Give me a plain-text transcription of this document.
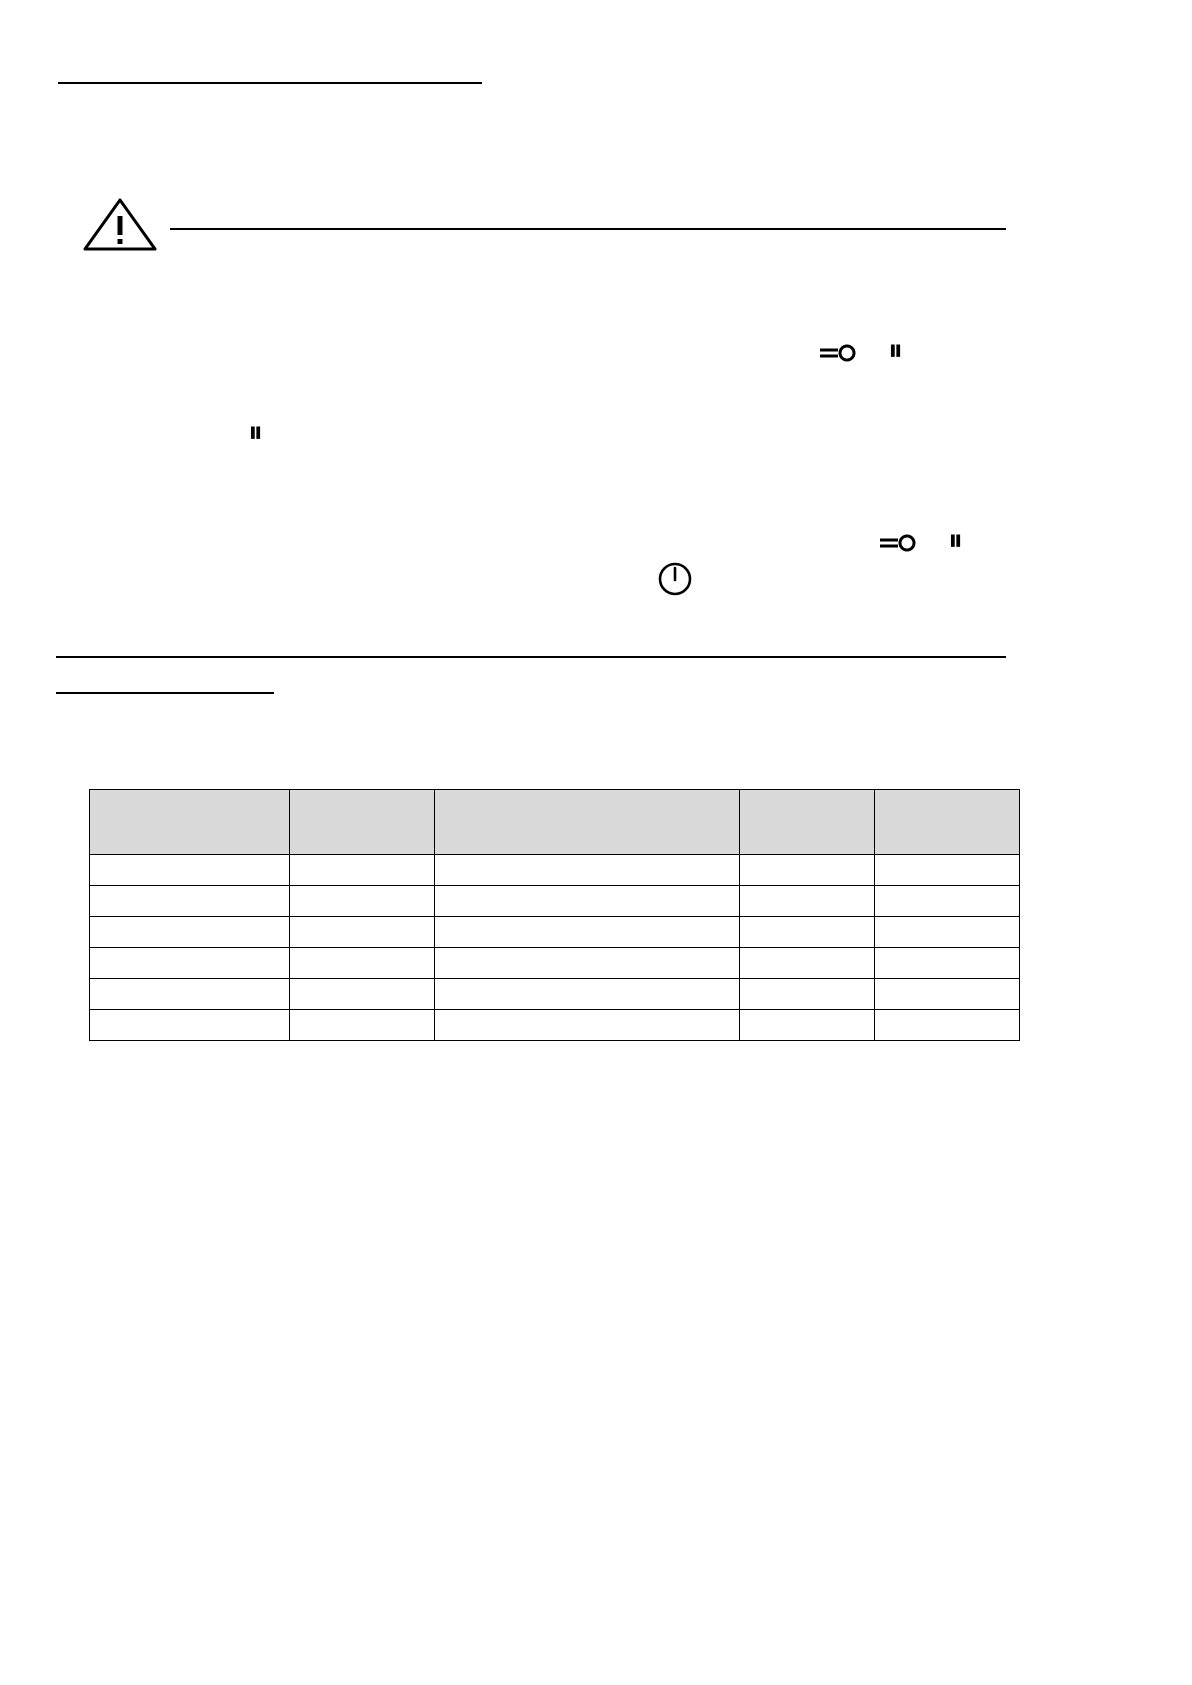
⏸
⏸
⏸
